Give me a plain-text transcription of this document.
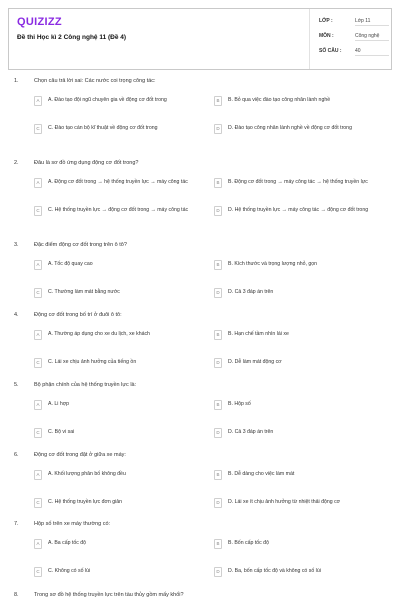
QUIZIZZ
Đề thi Học kì 2 Công nghệ 11 (Đề 4)
LỚP :	Lớp 11
MÔN :	Công nghệ
SỐ CÂU :	40
1.	Chọn câu trả lời sai: Các nước coi trọng công tác:
A	A. Đào tạo đội ngũ chuyên gia về động cơ đốt trong	B	B. Bỏ qua việc đào tạo công nhân lành nghề
C	C. Đào tạo cán bộ kĩ thuật về động cơ đốt trong	D	D. Đào tạo công nhân lành nghề về động cơ đốt trong
2.	Đâu là sơ đồ ứng dụng động cơ đốt trong?
A	A. Động cơ đốt trong → hệ thống truyền lực → máy công tác	B	B. Động cơ đốt trong → máy công tác → hệ thống truyền lực
C	C. Hệ thống truyền lực → động cơ đốt trong → máy công tác	D	D. Hệ thống truyền lực → máy công tác → động cơ đốt trong
3.	Đặc điểm động cơ đốt trong trên ô tô?
A	A. Tốc độ quay cao	B	B. Kích thước và trọng lượng nhỏ, gọn
C	C. Thường làm mát bằng nước	D	D. Cả 3 đáp án trên
4.	Động cơ đốt trong bố trí ở đuôi ô tô:
A	A. Thường áp dụng cho xe du lịch, xe khách	B	B. Hạn chế tầm nhìn lái xe
C	C. Lái xe chịu ảnh hưởng của tiếng ồn	D	D. Dễ làm mát động cơ
5.	Bộ phận chính của hệ thống truyền lực là:
A	A. Li hợp	B	B. Hộp số
C	C. Bộ vi sai	D	D. Cả 3 đáp án trên
6.	Động cơ đốt trong đặt ở giữa xe máy:
A	A. Khối lượng phân bố không đều	B	B. Dễ dàng cho việc làm mát
C	C. Hệ thống truyền lực đơn giản	D	D. Lái xe ít chịu ảnh hưởng từ nhiệt thải động cơ
7.	Hộp số trên xe máy thường có:
A	A. Ba cấp tốc độ	B	B. Bốn cấp tốc độ
C	C. Không có số lùi	D	D. Ba, bốn cấp tốc độ và không có số lùi
8.	Trong sơ đồ hệ thống truyền lực trên tàu thủy gồm mấy khối?
